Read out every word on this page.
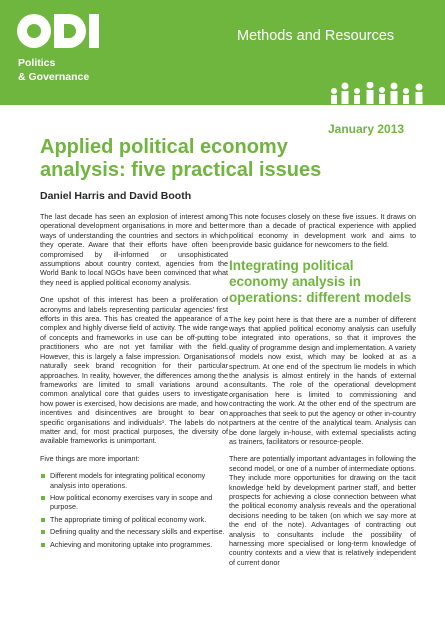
Politics
& Governance
Methods and Resources
January 2013
Applied political economy analysis: five practical issues
Daniel Harris and David Booth

The last decade has seen an explosion of interest among operational development organisations in more and better ways of understanding the countries and sectors in which they operate. Aware that their efforts have often been compromised by ill-informed or unsophisticated assumptions about country context, agencies from the World Bank to local NGOs have been convinced that what they need is applied political economy analysis.

One upshot of this interest has been a proliferation of acronyms and labels representing particular agencies' first efforts in this area. This has created the appearance of a complex and highly diverse field of activity. The wide range of concepts and frameworks in use can be off-putting to practitioners who are not yet familiar with the field. However, this is largely a false impression. Organisations naturally seek brand recognition for their particular approaches. In reality, however, the differences among the frameworks are limited to small variations around a common analytical core that guides users to investigate how power is exercised, how decisions are made, and how incentives and disincentives are brought to bear on specific organisations and individuals¹. The labels do not matter and, for most practical purposes, the diversity of available frameworks is unimportant.

Five things are more important:

Different models for integrating political economy analysis into operations.
How political economy exercises vary in scope and purpose.
The appropriate timing of political economy work.
Defining quality and the necessary skills and expertise.
Achieving and monitoring uptake into programmes.

This note focuses closely on these five issues. It draws on more than a decade of practical experience with applied political economy in development work and aims to provide basic guidance for newcomers to the field.

Integrating political economy analysis in operations: different models

The key point here is that there are a number of different ways that applied political economy analysis can usefully be integrated into operations, so that it improves the quality of programme design and implementation. A variety of models now exist, which may be looked at as a spectrum. At one end of the spectrum lie models in which the analysis is almost entirely in the hands of external consultants. The role of the operational development organisation here is limited to commissioning and contracting the work. At the other end of the spectrum are approaches that seek to put the agency or other in-country partners at the centre of the analytical team. Analysis can be done largely in-house, with external specialists acting as trainers, facilitators or resource-people.

There are potentially important advantages in following the second model, or one of a number of intermediate options. They include more opportunities for drawing on the tacit knowledge held by development partner staff, and better prospects for achieving a close connection between what the political economy analysis reveals and the operational decisions needing to be taken (on which we say more at the end of the note). Advantages of contracting out analysis to consultants include the possibility of harnessing more specialised or long-term knowledge of country contexts and a view that is relatively independent of current donor
